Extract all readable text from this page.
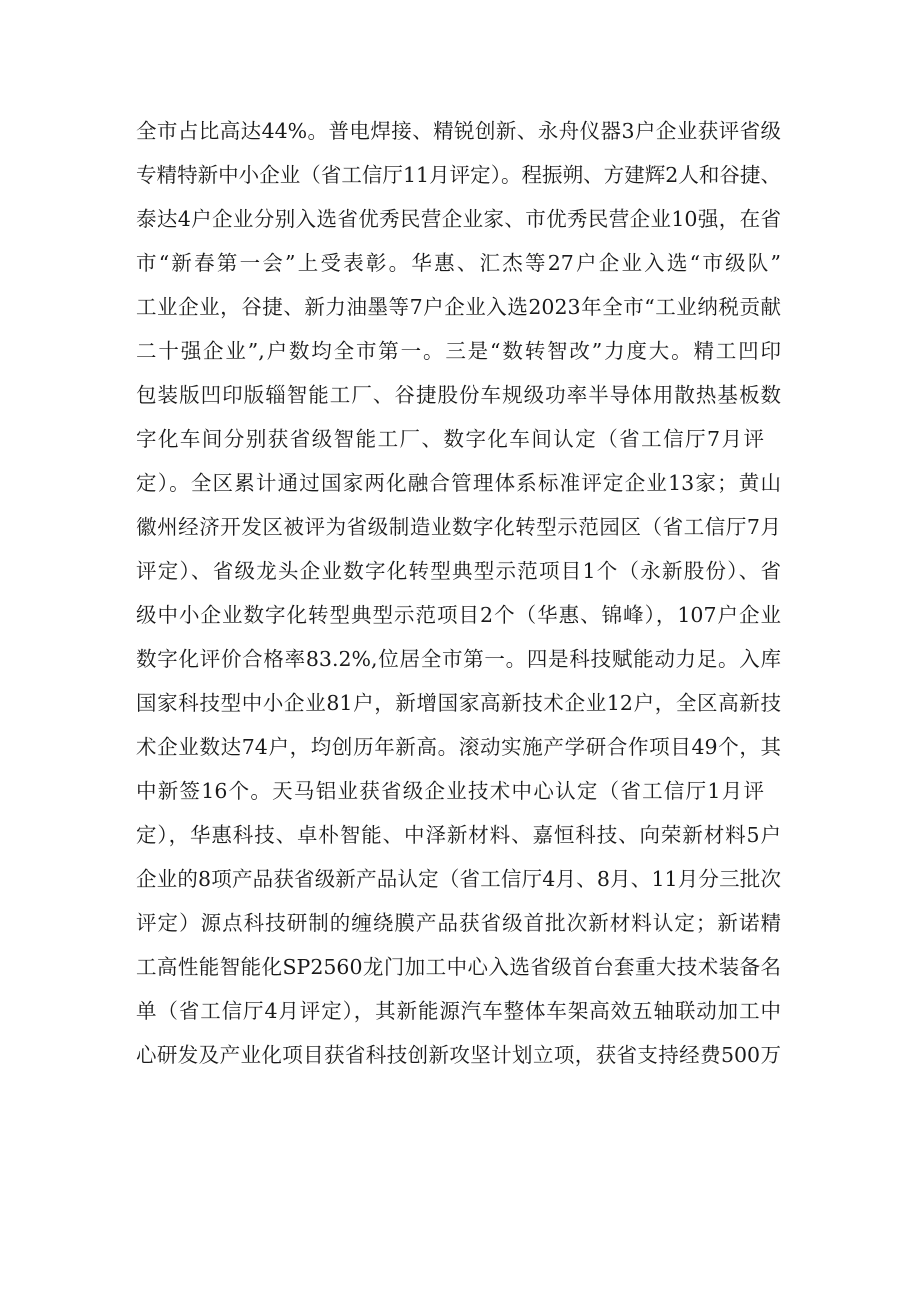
全市占比高达44%。普电焊接、精锐创新、永舟仪器3户企业获评省级
专精特新中小企业（省工信厅11月评定）。程振朔、方建辉2人和谷捷、
泰达4户企业分别入选省优秀民营企业家、市优秀民营企业10强，在省
市“新春第一会”上受表彰。华惠、汇杰等27户企业入选“市级队”
工业企业，谷捷、新力油墨等7户企业入选2023年全市“工业纳税贡献
二十强企业”,户数均全市第一。三是“数转智改”力度大。精工凹印
包装版凹印版辎智能工厂、谷捷股份车规级功率半导体用散热基板数
字化车间分别获省级智能工厂、数字化车间认定（省工信厅7月评
定）。全区累计通过国家两化融合管理体系标准评定企业13家；黄山
徽州经济开发区被评为省级制造业数字化转型示范园区（省工信厅7月
评定）、省级龙头企业数字化转型典型示范项目1个（永新股份）、省
级中小企业数字化转型典型示范项目2个（华惠、锦峰），107户企业
数字化评价合格率83.2%,位居全市第一。四是科技赋能动力足。入库
国家科技型中小企业81户，新增国家高新技术企业12户，全区高新技
术企业数达74户，均创历年新高。滚动实施产学研合作项目49个，其
中新签16个。天马铝业获省级企业技术中心认定（省工信厅1月评
定），华惠科技、卓朴智能、中泽新材料、嘉恒科技、向荣新材料5户
企业的8项产品获省级新产品认定（省工信厅4月、8月、11月分三批次
评定）源点科技研制的缠绕膜产品获省级首批次新材料认定；新诺精
工高性能智能化SP2560龙门加工中心入选省级首台套重大技术装备名
单（省工信厅4月评定），其新能源汽车整体车架高效五轴联动加工中
心研发及产业化项目获省科技创新攻坚计划立项，获省支持经费500万
